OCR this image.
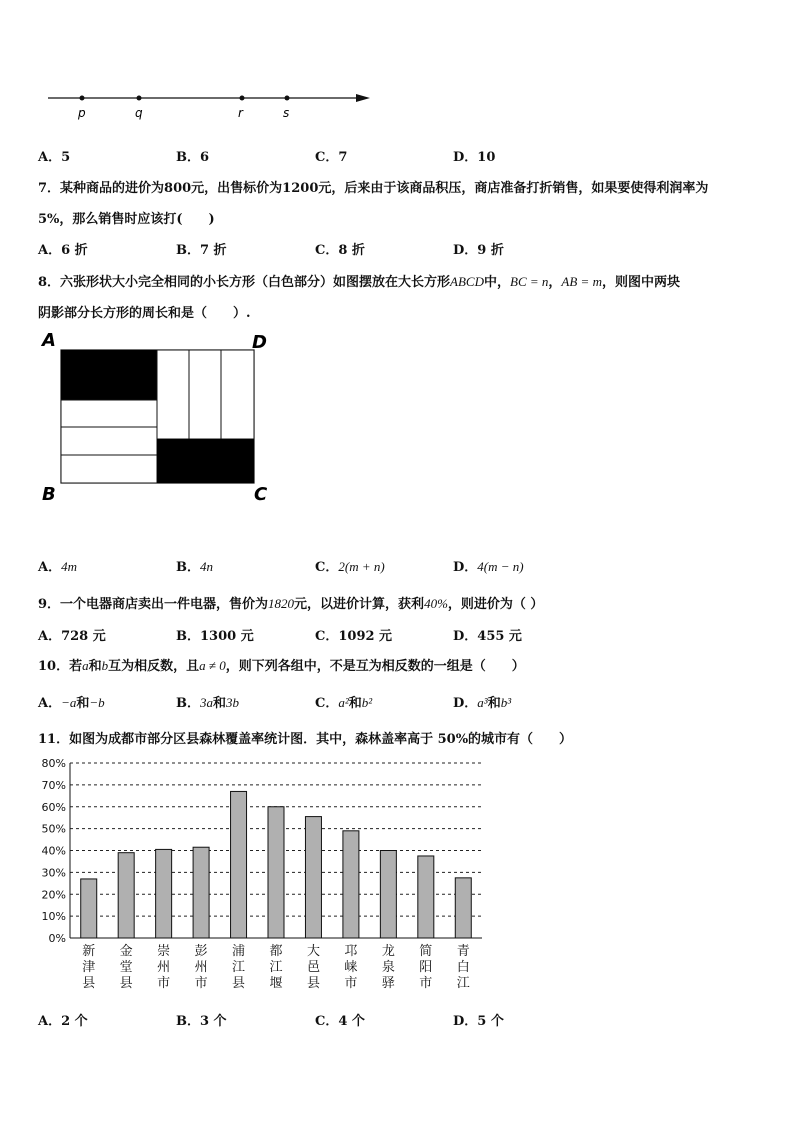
p	q	r	s
A．5	B．6	C．7	D．10
7．某种商品的进价为800元，出售标价为1200元，后来由于该商品积压，商店准备打折销售，如果要使得利润率为
5%，那么销售时应该打(　　)
A．6 折	B．7 折	C．8 折	D．9 折
8．六张形状大小完全相同的小长方形（白色部分）如图摆放在大长方形ABCD中，BC = n，AB = m，则图中两块
阴影部分长方形的周长和是（　　）.
A	D
B	C
A．4m	B．4n	C．2(m + n)	D．4(m − n)
9．一个电器商店卖出一件电器，售价为1820元，以进价计算，获利40%，则进价为（ ）
A．728 元	B．1300 元	C．1092 元	D．455 元
10．若a和b互为相反数，且a ≠ 0，则下列各组中，不是互为相反数的一组是（　　）
A．−a和−b	B．3a和3b	C．a²和b²	D．a³和b³
11．如图为成都市部分区县森林覆盖率统计图．其中，森林盖率高于 50%的城市有（　　）
0%
10%
20%
30%
40%
50%
60%
70%
80%
新
津
县
金
堂
县
崇
州
市
彭
州
市
浦
江
县
都
江
堰
大
邑
县
邛
崃
市
龙
泉
驿
简
阳
市
青
白
江
A．2 个	B．3 个	C．4 个	D．5 个
